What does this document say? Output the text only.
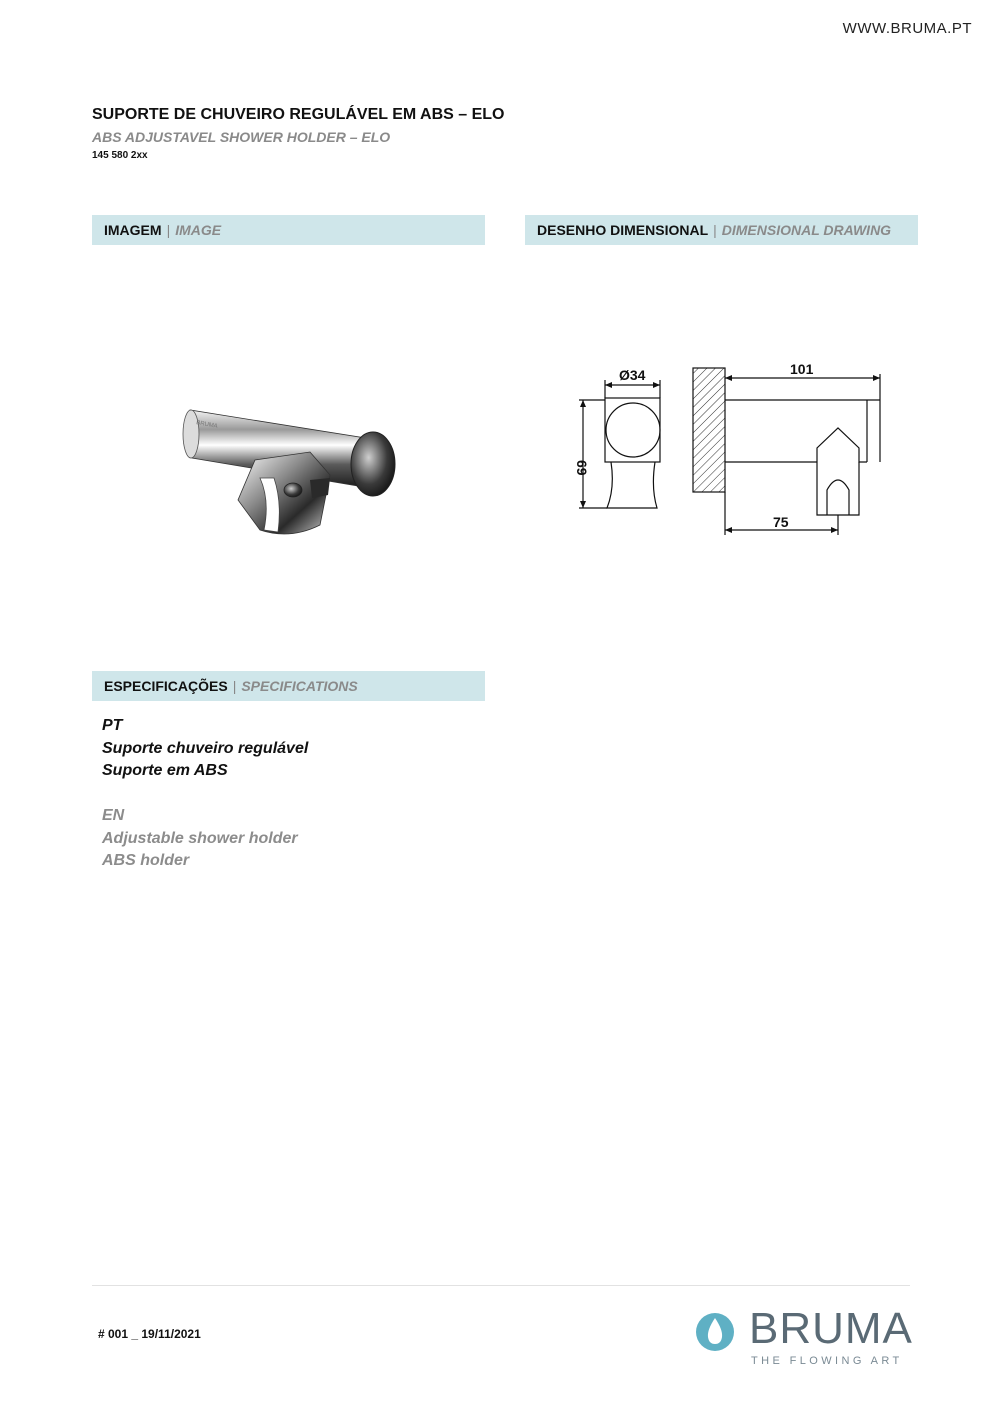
WWW.BRUMA.PT
SUPORTE DE CHUVEIRO REGULÁVEL EM ABS – ELO
ABS ADJUSTAVEL SHOWER HOLDER – ELO
145 580 2xx
IMAGEM | IMAGE	DESENHO DIMENSIONAL | DIMENSIONAL DRAWING
BRUMA
Ø34
69
101
75
ESPECIFICAÇÕES | SPECIFICATIONS
PT
Suporte chuveiro regulável
Suporte em ABS
EN
Adjustable shower holder
ABS holder
# 001 _ 19/11/2021	BRUMA
THE FLOWING ART
